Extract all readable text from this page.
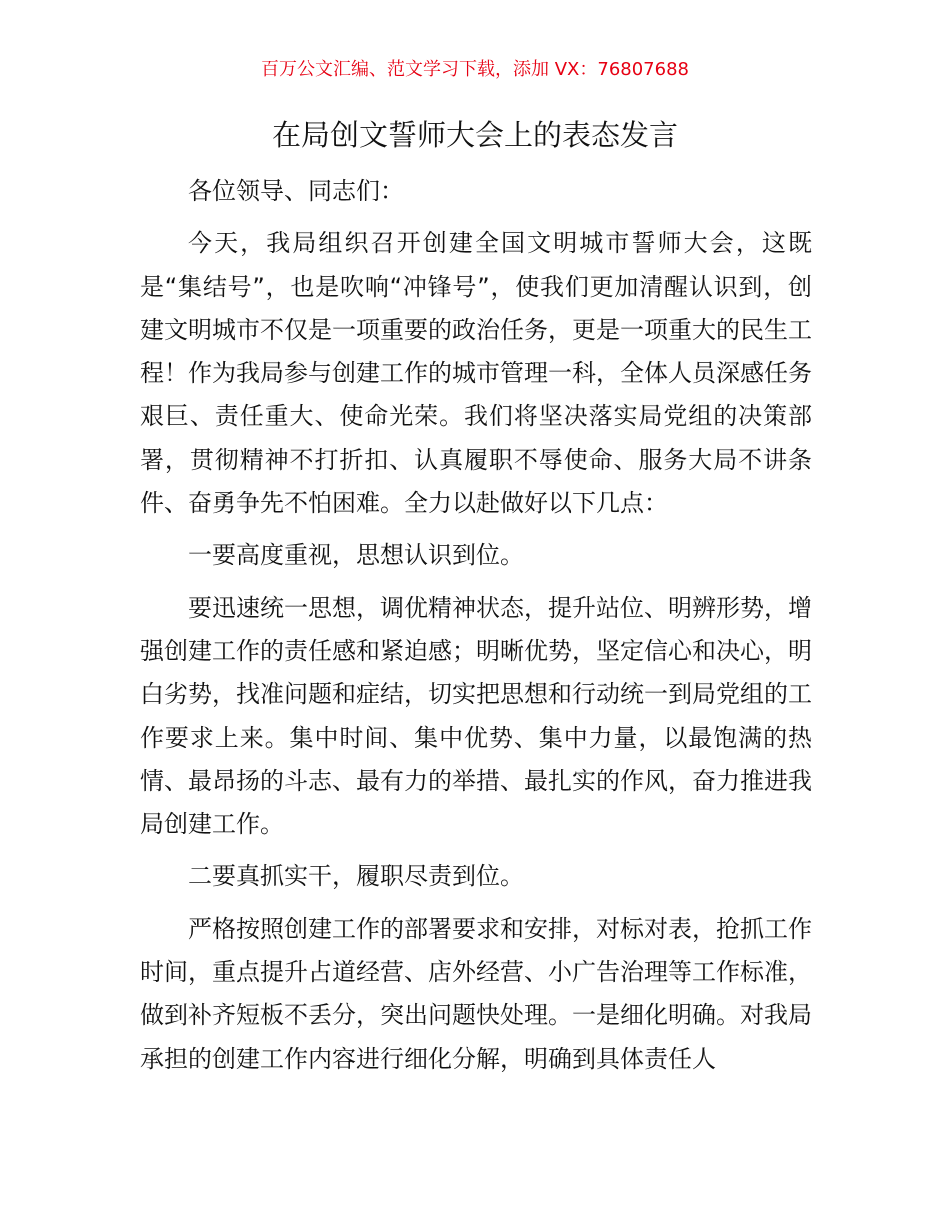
百万公文汇编、范文学习下载，添加 VX：76807688
在局创文誓师大会上的表态发言

各位领导、同志们：

今天，我局组织召开创建全国文明城市誓师大会，这既是“集结号”，也是吹响“冲锋号”，使我们更加清醒认识到，创建文明城市不仅是一项重要的政治任务，更是一项重大的民生工程！作为我局参与创建工作的城市管理一科，全体人员深感任务艰巨、责任重大、使命光荣。我们将坚决落实局党组的决策部署，贯彻精神不打折扣、认真履职不辱使命、服务大局不讲条件、奋勇争先不怕困难。全力以赴做好以下几点：

一要高度重视，思想认识到位。

要迅速统一思想，调优精神状态，提升站位、明辨形势，增强创建工作的责任感和紧迫感；明晰优势，坚定信心和决心，明白劣势，找准问题和症结，切实把思想和行动统一到局党组的工作要求上来。集中时间、集中优势、集中力量，以最饱满的热情、最昂扬的斗志、最有力的举措、最扎实的作风，奋力推进我局创建工作。

二要真抓实干，履职尽责到位。

严格按照创建工作的部署要求和安排，对标对表，抢抓工作时间，重点提升占道经营、店外经营、小广告治理等工作标准，做到补齐短板不丢分，突出问题快处理。一是细化明确。对我局承担的创建工作内容进行细化分解，明确到具体责任人
